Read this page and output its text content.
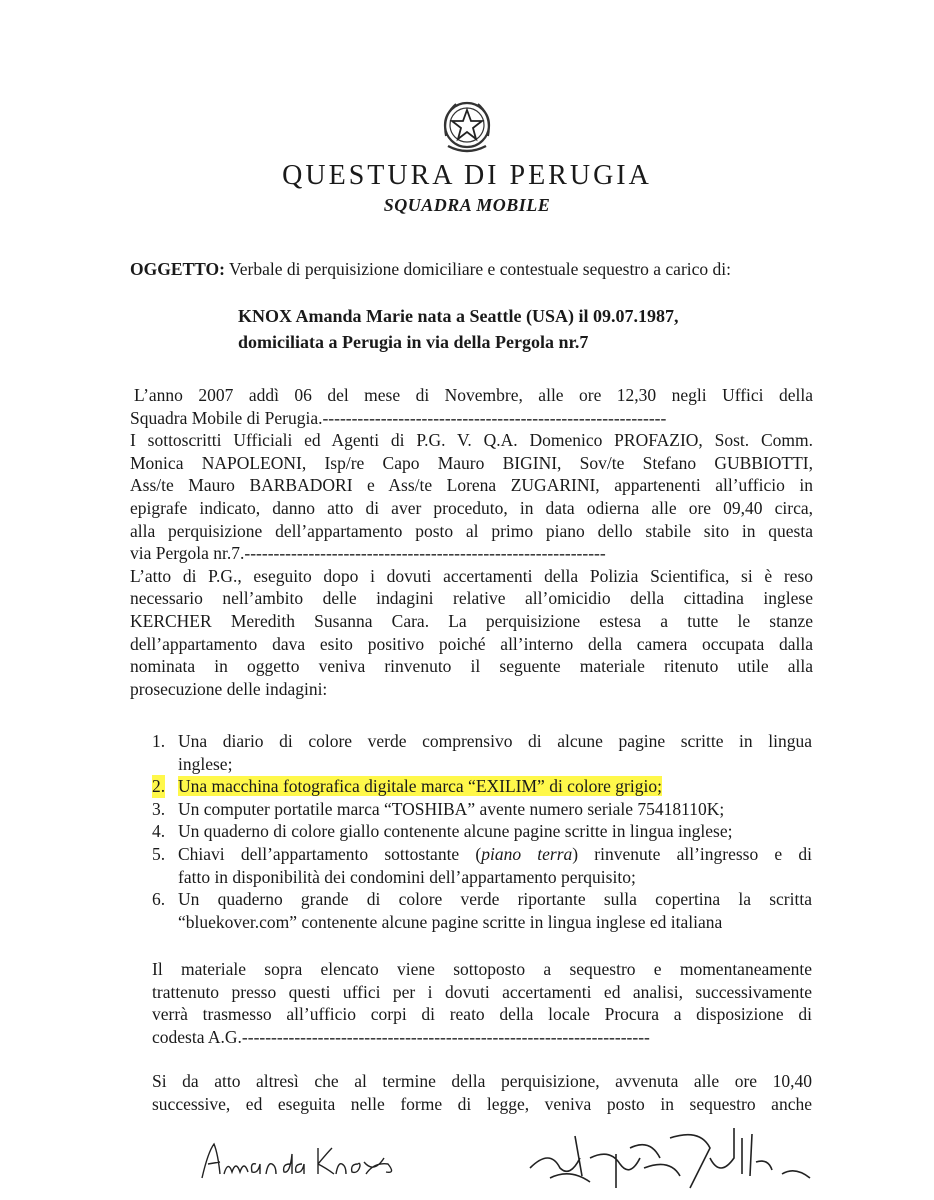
QUESTURA DI PERUGIA
SQUADRA MOBILE
OGGETTO: Verbale di perquisizione domiciliare e contestuale sequestro a carico di:
KNOX Amanda Marie nata a Seattle (USA) il 09.07.1987,
domiciliata a Perugia in via della Pergola nr.7

L’anno 2007 addì 06 del mese di Novembre, alle ore 12,30 negli Uffici della

Squadra Mobile di Perugia.-----------------------------------------------------------

I sottoscritti Ufficiali ed Agenti di P.G. V. Q.A. Domenico PROFAZIO, Sost. Comm.

Monica NAPOLEONI, Isp/re Capo Mauro BIGINI, Sov/te Stefano GUBBIOTTI,

Ass/te Mauro BARBADORI e Ass/te Lorena ZUGARINI, appartenenti all’ufficio in

epigrafe indicato, danno atto di aver proceduto, in data odierna alle ore 09,40 circa,

alla perquisizione dell’appartamento posto al primo piano dello stabile sito in questa

via Pergola nr.7.--------------------------------------------------------------

L’atto di P.G., eseguito dopo i dovuti accertamenti della Polizia Scientifica, si è reso

necessario nell’ambito delle indagini relative all’omicidio della cittadina inglese

KERCHER Meredith Susanna Cara. La perquisizione estesa a tutte le stanze

dell’appartamento dava esito positivo poiché all’interno della camera occupata dalla

nominata in oggetto veniva rinvenuto il seguente materiale ritenuto utile alla

prosecuzione delle indagini:

1. Una diario di colore verde comprensivo di alcune pagine scritte in lingua
inglese;
2. Una macchina fotografica digitale marca “EXILIM” di colore grigio;
3. Un computer portatile marca “TOSHIBA” avente numero seriale 75418110K;
4. Un quaderno di colore giallo contenente alcune pagine scritte in lingua inglese;
5. Chiavi dell’appartamento sottostante (piano terra) rinvenute all’ingresso e di
fatto in disponibilità dei condomini dell’appartamento perquisito;
6. Un quaderno grande di colore verde riportante sulla copertina la scritta
“bluekover.com” contenente alcune pagine scritte in lingua inglese ed italiana

Il materiale sopra elencato viene sottoposto a sequestro e momentaneamente

trattenuto presso questi uffici per i dovuti accertamenti ed analisi, successivamente

verrà trasmesso all’ufficio corpi di reato della locale Procura a disposizione di

codesta A.G.----------------------------------------------------------------------

Si da atto altresì che al termine della perquisizione, avvenuta alle ore 10,40

successive, ed eseguita nelle forme di legge, veniva posto in sequestro anche
